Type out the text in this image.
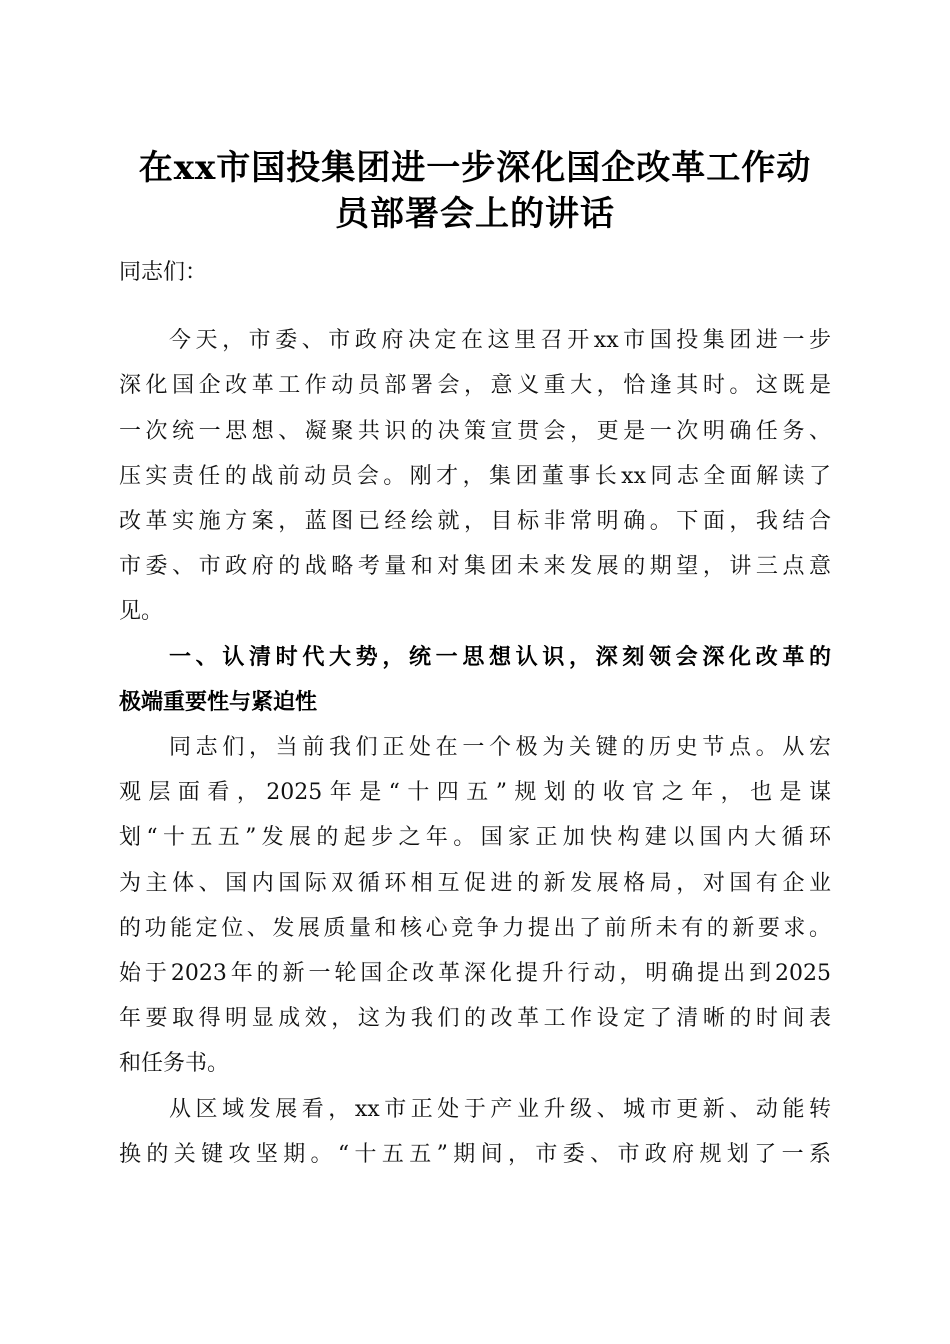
在xx市国投集团进一步深化国企改革工作动
员部署会上的讲话
同志们：
今天，市委、市政府决定在这里召开xx市国投集团进一步
深化国企改革工作动员部署会，意义重大，恰逢其时。这既是
一次统一思想、凝聚共识的决策宣贯会，更是一次明确任务、
压实责任的战前动员会。刚才，集团董事长xx同志全面解读了
改革实施方案，蓝图已经绘就，目标非常明确。下面，我结合
市委、市政府的战略考量和对集团未来发展的期望，讲三点意
见。
一、认清时代大势，统一思想认识，深刻领会深化改革的
极端重要性与紧迫性
同志们，当前我们正处在一个极为关键的历史节点。从宏
观层面看，2025年是“十四五”规划的收官之年，也是谋
划“十五五”发展的起步之年。国家正加快构建以国内大循环
为主体、国内国际双循环相互促进的新发展格局，对国有企业
的功能定位、发展质量和核心竞争力提出了前所未有的新要求。
始于2023年的新一轮国企改革深化提升行动，明确提出到2025
年要取得明显成效，这为我们的改革工作设定了清晰的时间表
和任务书。
从区域发展看，xx市正处于产业升级、城市更新、动能转
换的关键攻坚期。“十五五”期间，市委、市政府规划了一系
